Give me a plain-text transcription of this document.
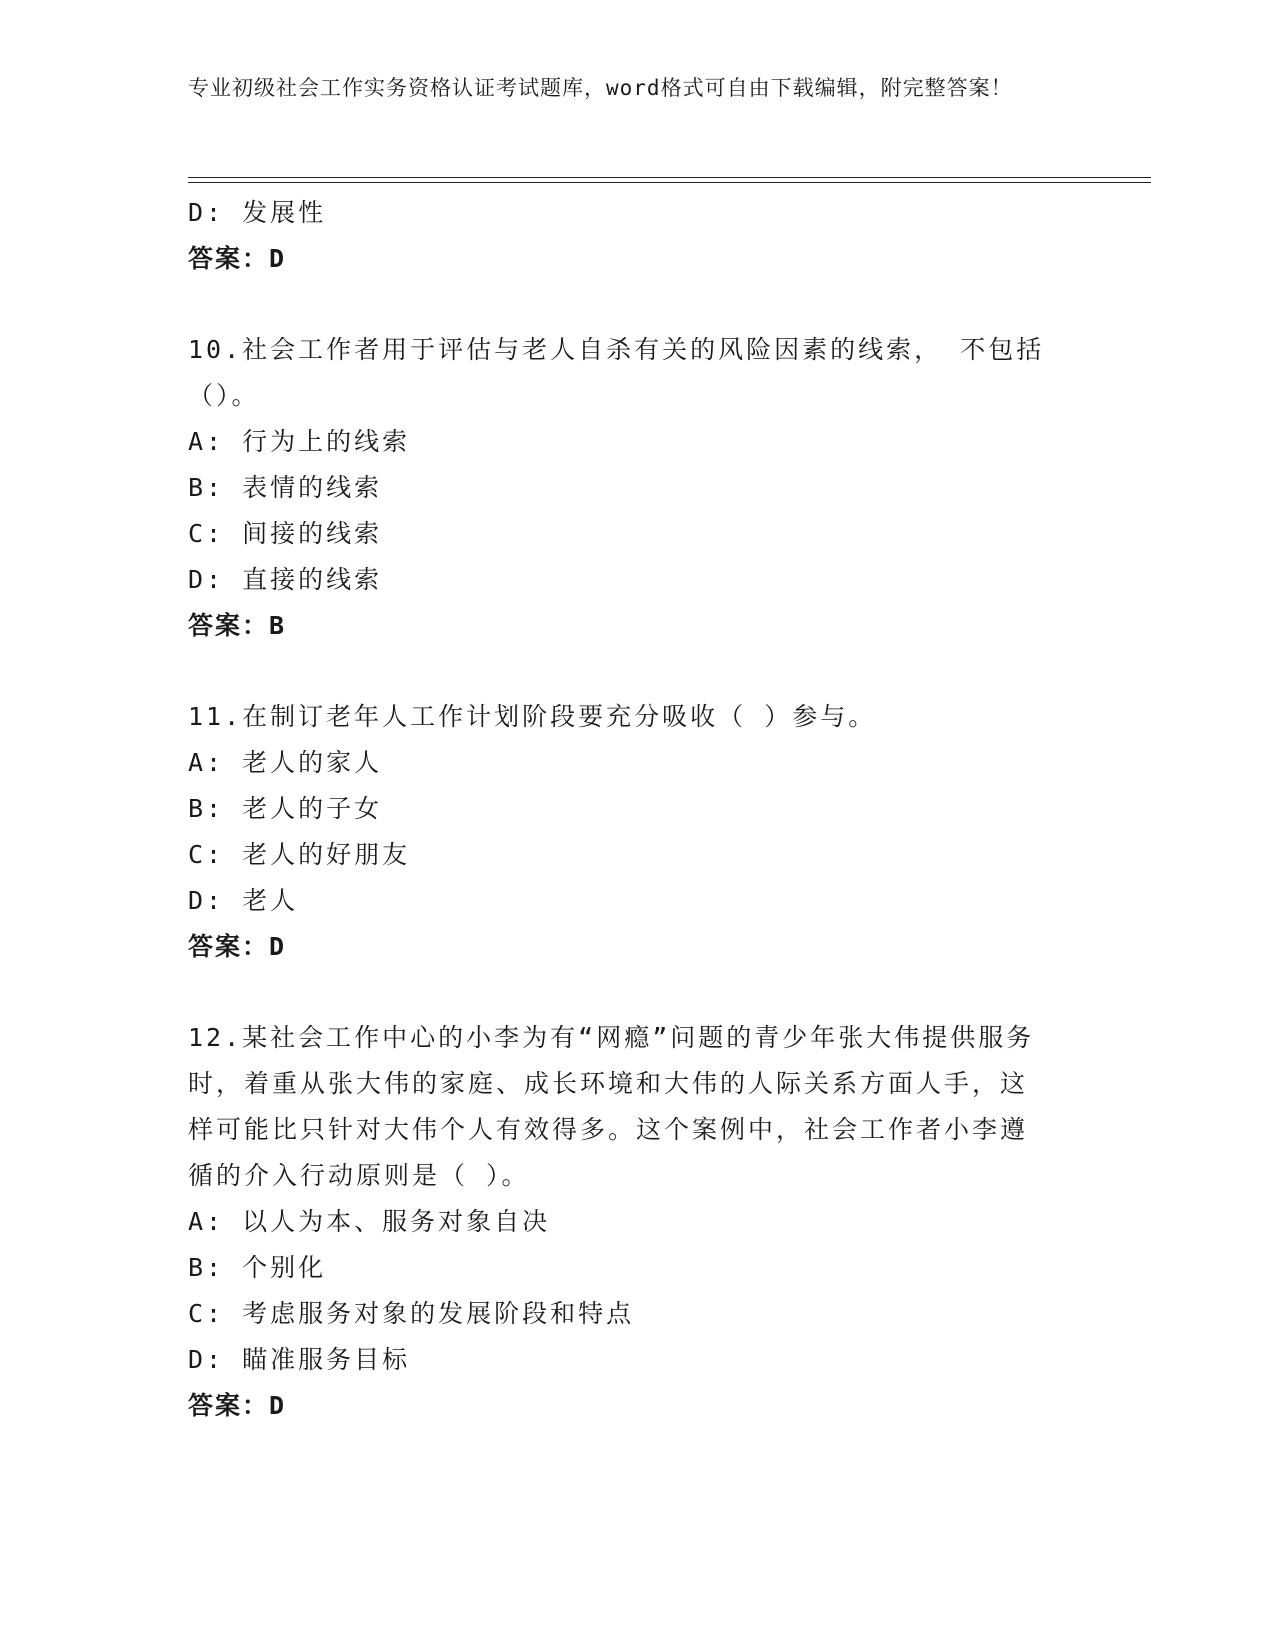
专业初级社会工作实务资格认证考试题库，word格式可自由下载编辑，附完整答案！
D: 发展性
答案：D
10.社会工作者用于评估与老人自杀有关的风险因素的线索， 不包括
（）。
A: 行为上的线索
B: 表情的线索
C: 间接的线索
D: 直接的线索
答案：B
11.在制订老年人工作计划阶段要充分吸收（ ）参与。
A: 老人的家人
B: 老人的子女
C: 老人的好朋友
D: 老人
答案：D
12.某社会工作中心的小李为有“网瘾”问题的青少年张大伟提供服务
时，着重从张大伟的家庭、成长环境和大伟的人际关系方面人手，这
样可能比只针对大伟个人有效得多。这个案例中，社会工作者小李遵
循的介入行动原则是（ ）。
A: 以人为本、服务对象自决
B: 个别化
C: 考虑服务对象的发展阶段和特点
D: 瞄准服务目标
答案：D
